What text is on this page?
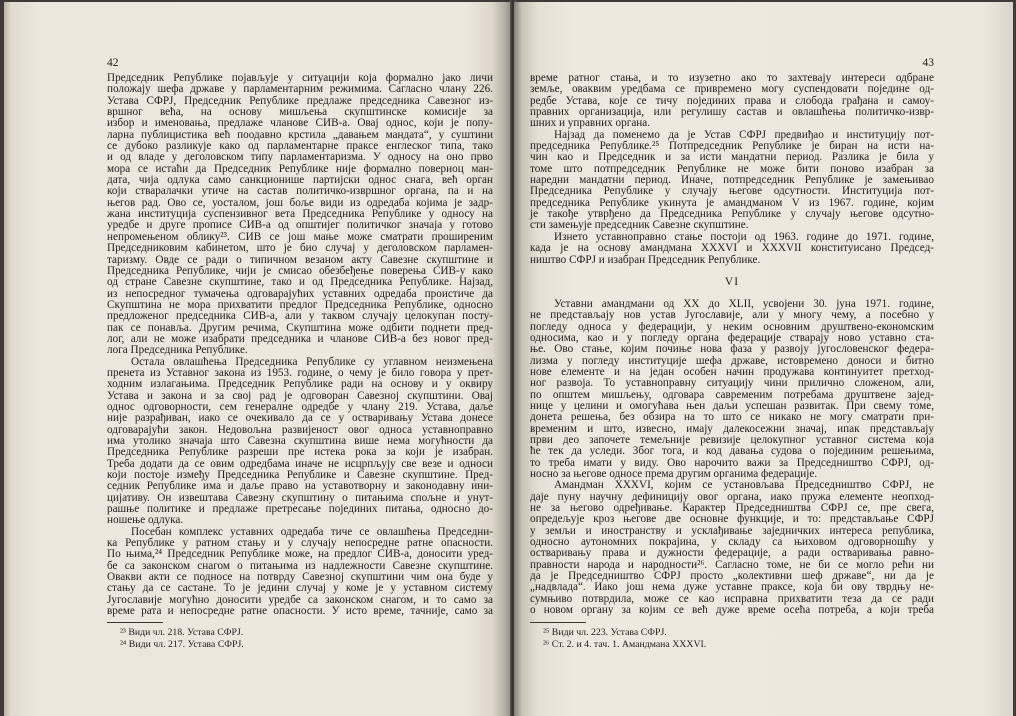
42
Председник Републике појављује у ситуацији која формално јако личи
положају шефа државе у парламентарним режимима. Сагласно члану 226.
Устава СФРЈ, Председник Републике предлаже председника Савезног из-
вршног већа, на основу мишљења скупштинске комисије за
избор и именовања, предлаже чланове СИВ-а. Овај однос, који је попу-
ларна публицистика већ поодавно крстила „давањем мандата“, у суштини
се дубоко разликује како од парламентарне праксе енглеског типа, тако
и од владе у деголовском типу парламентаризма. У односу на оно прво
мора се истаћи да Председник Републике није формално повериоц ман-
дата, чија одлука само санкционише партијски однос снага, већ орган
који стваралачки утиче на састав политичко-извршног органа, па и на
његов рад. Ово се, уосталом, још боље види из одредаба којима је задр-
жана институција суспензивног вета Председника Републике у односу на
уредбе и друге прописе СИВ-а од општијег политичког значаја у готово
непромењеном облику²³. СИВ се још мање може сматрати проширеним
Председниковим кабинетом, што је био случај у деголовском парламен-
таризму. Овде се ради о типичном везаном акту Савезне скупштине и
Председника Републике, чији је смисао обезбеђење поверења СИВ-у како
од стране Савезне скупштине, тако и од Председника Републике. Најзад,
из непосредног тумачења одговарајућих уставних одредаба проистиче да
Скупштина не мора прихватити предлог Председника Републике, односно
предложеног председника СИВ-а, али у таквом случају целокупан посту-
пак се понавља. Другим речима, Скупштина може одбити поднети пред-
лог, али не може изабрати председника и чланове СИВ-а без новог пред-
лога Председника Републике.
Остала овлашћења Председника Републике су углавном неизмењена
пренета из Уставног закона из 1953. године, о чему је било говора у прет-
ходним излагањима. Председник Републике ради на основу и у оквиру
Устава и закона и за свој рад је одговоран Савезној скупштини. Овај
однос одговорности, сем генералне одредбе у члану 219. Устава, даље
није разрађиван, иако се очекивало да се у остваривању Устава донесе
одговарајући закон. Недовољна развијеност овог односа уставноправно
има утолико значаја што Савезна скупштина више нема могућности да
Председника Републике разреши пре истека рока за који је изабран.
Треба додати да се овим одредбама иначе не исцрпљују све везе и односи
који постоје између Председника Републике и Савезне скупштине. Пред-
седник Републике има и даље право на уставотворну и законодавну ини-
цијативу. Он извештава Савезну скупштину о питањима спољне и унут-
рашње политике и предлаже претресање појединих питања, односно до-
ношење одлука.
Посебан комплекс уставних одредаба тиче се овлашћења Председни-
ка Републике у ратном стању и у случају непосредне ратне опасности.
По њима,²⁴ Председник Републике може, на предлог СИВ-а, доносити уред-
бе са законском снагом о питањима из надлежности Савезне скупштине.
Овакви акти се подносе на потврду Савезној скупштини чим она буде у
стању да се састане. То је једини случај у коме је у уставном систему
Југославије могућно доносити уредбе са законском снагом, и то само за
време рата и непосредне ратне опасности. У исто време, тачније, само за
²³ Види чл. 218. Устава СФРЈ.
²⁴ Види чл. 217. Устава СФРЈ.
43
време ратног стања, и то изузетно ако то захтевају интереси одбране
земље, оваквим уредбама се привремено могу суспендовати поједине од-
редбе Устава, које се тичу појединих права и слобода грађана и самоу-
правних организација, или регулишу састав и овлашћења политичко-извр-
шних и управних органа.
Најзад да поменемо да је Устав СФРЈ предвиђао и институцију пот-
председника Републике.²⁵ Потпредседник Републике је биран на исти на-
чин као и Председник и за исти мандатни период. Разлика је била у
томе што потпредседник Републике не може бити поново изабран за
наредни мандатни период. Иначе, потпредседник Републике је замењивао
Председника Републике у случају његове одсутности. Институција пот-
председника Републике укинута је амандманом V из 1967. године, којим
је такође утврђено да Председника Републике у случају његове одсутно-
сти замењује председник Савезне скупштине.
Изнето уставноправно стање постоји од 1963. године до 1971. године,
када је на основу амандмана XXXVI и XXXVII конституисано Председ-
ништво СФРЈ и изабран Председник Републике.
VI
Уставни амандмани од XX до XLII, усвојени 30. јуна 1971. године,
не представљају нов устав Југославије, али у многу чему, а посебно у
погледу односа у федерацији, у неким основним друштвено-економским
односима, као и у погледу органа федерације стварају ново уставно ста-
ње. Ово стање, којим почиње нова фаза у развоју југословенског федера-
лизма у погледу институције шефа државе, истовремено доноси и битно
нове елементе и на један особен начин продужава континуитет претход-
ног развоја. То уставноправну ситуацију чини прилично сложеном, али,
по општем мишљењу, одговара савременим потребама друштвене зајед-
нице у целини и омогућава њен даљи успешан развитак. При свему томе,
донета решења, без обзира на то што се никако не могу сматрати при-
временим и што, извесно, имају далекосежни значај, ипак представљају
први део започете темељније ревизије целокупног уставног система која
ће тек да уследи. Због тога, и код давања судова о појединим решењима,
то треба имати у виду. Ово нарочито важи за Председништво СФРЈ, од-
носно за његове односе према другим органима федерације.
Амандман XXXVI, којим се установљава Председништво СФРЈ, не
даје пуну научну дефиницију овог органа, иако пружа елементе неопход-
не за његово одређивање. Карактер Председништва СФРЈ се, пре свега,
опредељује кроз његове две основне функције, и то: представљање СФРЈ
у земљи и иностранству и усклађивање заједничких интереса република,
односно аутономних покрајина, у складу са њиховом одговорношћу у
остваривању права и дужности федерације, а ради остваривања равно-
правности народа и народности²⁶. Сагласно томе, не би се могло рећи ни
да је Председништво СФРЈ просто „колективни шеф државе“, ни да је
„надвлада“. Иако још нема дуже уставне праксе, која би ову тврдњу не-
сумњиво потврдила, може се као исправна прихватити теза да се ради
о новом органу за којим се већ дуже време осећа потреба, а који треба
²⁵ Види чл. 223. Устава СФРЈ.
²⁶ Ст. 2. и 4. тач. 1. Амандмана XXXVI.
